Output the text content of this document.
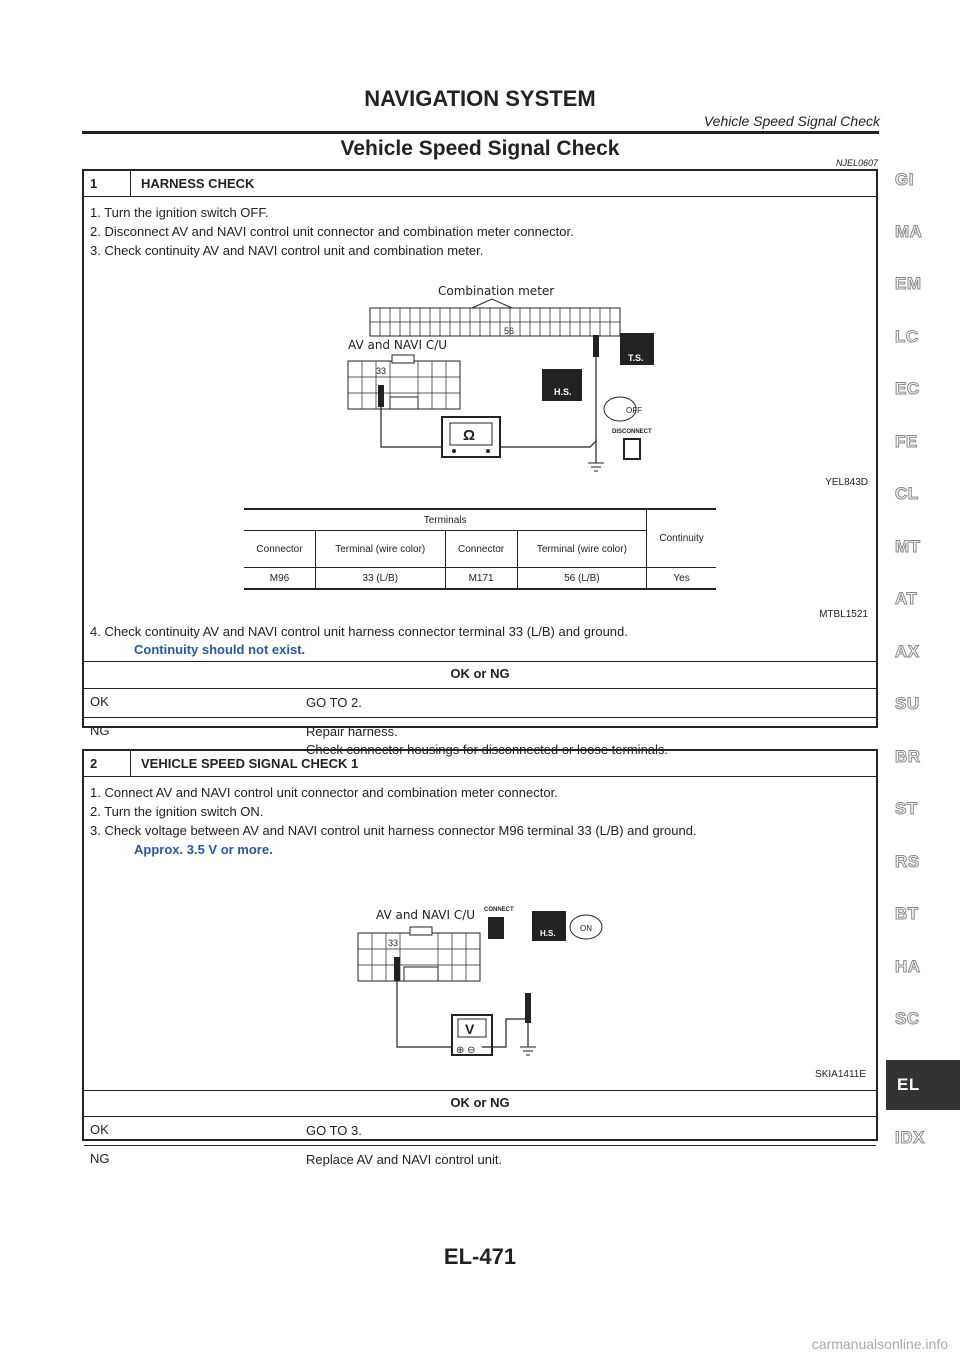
NAVIGATION SYSTEM
Vehicle Speed Signal Check
Vehicle Speed Signal Check
NJEL0607
1	HARNESS CHECK
1. Turn the ignition switch OFF.
2. Disconnect AV and NAVI control unit connector and combination meter connector.
3. Check continuity AV and NAVI control unit and combination meter.
Combination meter
56
AV and NAVI C/U
33
Ω
H.S.
T.S.
OFF
DISCONNECT
YEL843D
Terminals				Continuity
Connector	Terminal (wire color)	Connector	Terminal (wire color)	
M96	33 (L/B)	M171	56 (L/B)	Yes
MTBL1521
4. Check continuity AV and NAVI control unit harness connector terminal 33 (L/B) and ground.
Continuity should not exist.
OK or NG
OK	GO TO 2.
NG	Repair harness.
Check connector housings for disconnected or loose terminals.
2	VEHICLE SPEED SIGNAL CHECK 1
1. Connect AV and NAVI control unit connector and combination meter connector.
2. Turn the ignition switch ON.
3. Check voltage between AV and NAVI control unit harness connector M96 terminal 33 (L/B) and ground.
Approx. 3.5 V or more.
AV and NAVI C/U
33
V
⊕ ⊖
CONNECT
H.S.
ON
SKIA1411E
OK or NG
OK	GO TO 3.
NG	Replace AV and NAVI control unit.
GI
MA
EM
LC
EC
FE
CL
MT
AT
AX
SU
BR
ST
RS
BT
HA
SC
EL
IDX
EL-471
carmanualsonline.info
